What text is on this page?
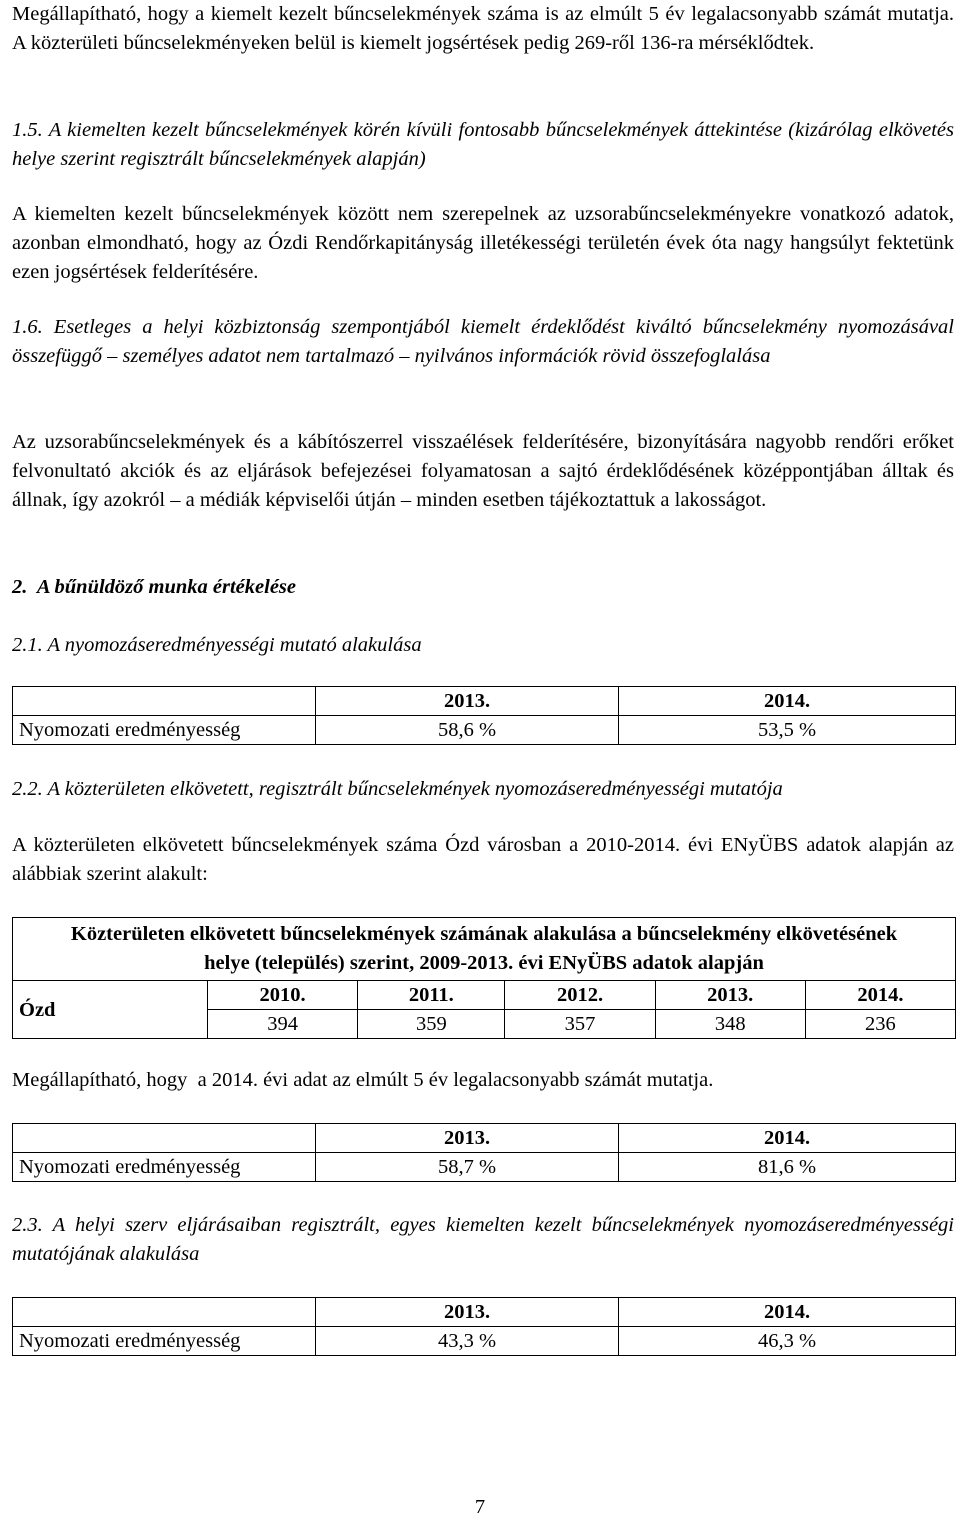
Megállapítható, hogy a kiemelt kezelt bűncselekmények száma is az elmúlt 5 év legalacsonyabb számát mutatja. A közterületi bűncselekményeken belül is kiemelt jogsértések pedig 269-ről 136-ra mérséklődtek.

1.5. A kiemelten kezelt bűncselekmények körén kívüli fontosabb bűncselekmények áttekintése (kizárólag elkövetés helye szerint regisztrált bűncselekmények alapján)

A kiemelten kezelt bűncselekmények között nem szerepelnek az uzsorabűncselekményekre vonatkozó adatok, azonban elmondható, hogy az Ózdi Rendőrkapitányság illetékességi területén évek óta nagy hangsúlyt fektetünk ezen jogsértések felderítésére.

1.6. Esetleges a helyi közbiztonság szempontjából kiemelt érdeklődést kiváltó bűncselekmény nyomozásával összefüggő – személyes adatot nem tartalmazó – nyilvános információk rövid összefoglalása

Az uzsorabűncselekmények és a kábítószerrel visszaélések felderítésére, bizonyítására nagyobb rendőri erőket felvonultató akciók és az eljárások befejezései folyamatosan a sajtó érdeklődésének középpontjában álltak és állnak, így azokról – a médiák képviselői útján – minden esetben tájékoztattuk a lakosságot.

2.  A bűnüldöző munka értékelése

2.1. A nyomozáseredményességi mutató alakulása

	2013.	2014.
Nyomozati eredményesség	58,6 %	53,5 %

2.2. A közterületen elkövetett, regisztrált bűncselekmények nyomozáseredményességi mutatója

A közterületen elkövetett bűncselekmények száma Ózd városban a 2010-2014. évi ENyÜBS adatok alapján az alábbiak szerint alakult:

Közterületen elkövetett bűncselekmények számának alakulása a bűncselekmény elkövetésének helye (település) szerint, 2009-2013. évi ENyÜBS adatok alapján					
Ózd	2010.	2011.	2012.	2013.	2014.
	394	359	357	348	236

Megállapítható, hogy  a 2014. évi adat az elmúlt 5 év legalacsonyabb számát mutatja.

	2013.	2014.
Nyomozati eredményesség	58,7 %	81,6 %

2.3. A helyi szerv eljárásaiban regisztrált, egyes kiemelten kezelt bűncselekmények nyomozáseredményességi mutatójának alakulása

	2013.	2014.
Nyomozati eredményesség	43,3 %	46,3 %
7
